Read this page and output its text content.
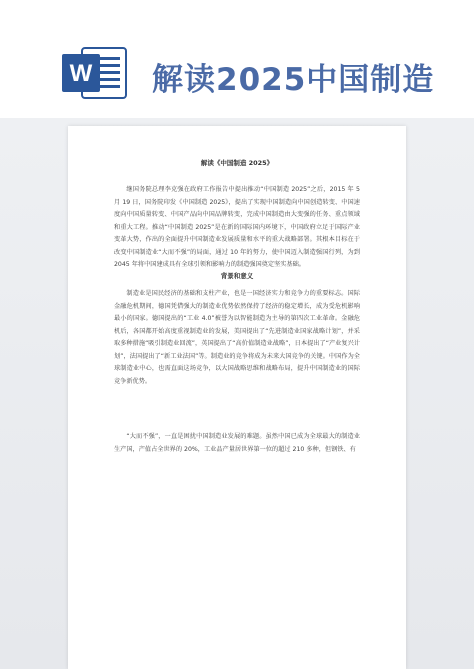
W 解读2025中国制造
解读《中国制造 2025》

继国务院总理李克强在政府工作报告中提出推动“中国制造 2025”之后，2015 年 5 月 19 日，国务院印发《中国制造 2025》，提出了实现中国制造向中国创造转变、中国速度向中国质量转变、中国产品向中国品牌转变，完成中国制造由大变强的任务、重点领域和重大工程。推动“中国制造 2025”是在新的国际国内环境下，中国政府立足于国际产业变革大势，作出的全面提升中国制造业发展质量和水平的重大战略部署。其根本目标在于改变中国制造业“大而不强”的局面，通过 10 年的努力，使中国迈入制造强国行列，为到 2045 年将中国建成具有全球引领和影响力的制造强国奠定坚实基础。

背景和意义

制造业是国民经济的基础和支柱产业，也是一国经济实力和竞争力的重要标志。国际金融危机期间，德国凭借强大的制造业优势依然保持了经济的稳定增长，成为受危机影响最小的国家。德国提出的“工业 4.0”被誉为以智能制造为主导的第四次工业革命。金融危机后，各国都开始高度重视制造业的发展，美国提出了“先进制造业国家战略计划”，并采取多种措施“吸引制造业回流”，英国提出了“高价值制造业战略”，日本提出了“产业复兴计划”，法国提出了“新工业法国”等。制造业的竞争将成为未来大国竞争的关键。中国作为全球制造业中心，也需直面这场竞争，以大国战略思维和战略布局，提升中国制造业的国际竞争新优势。

“大而不强”，一直是困扰中国制造业发展的难题。虽然中国已成为全球最大的制造业生产国，产值占全世界的 20%，工业品产量居世界第一位的超过 210 多种，但钢铁、有
